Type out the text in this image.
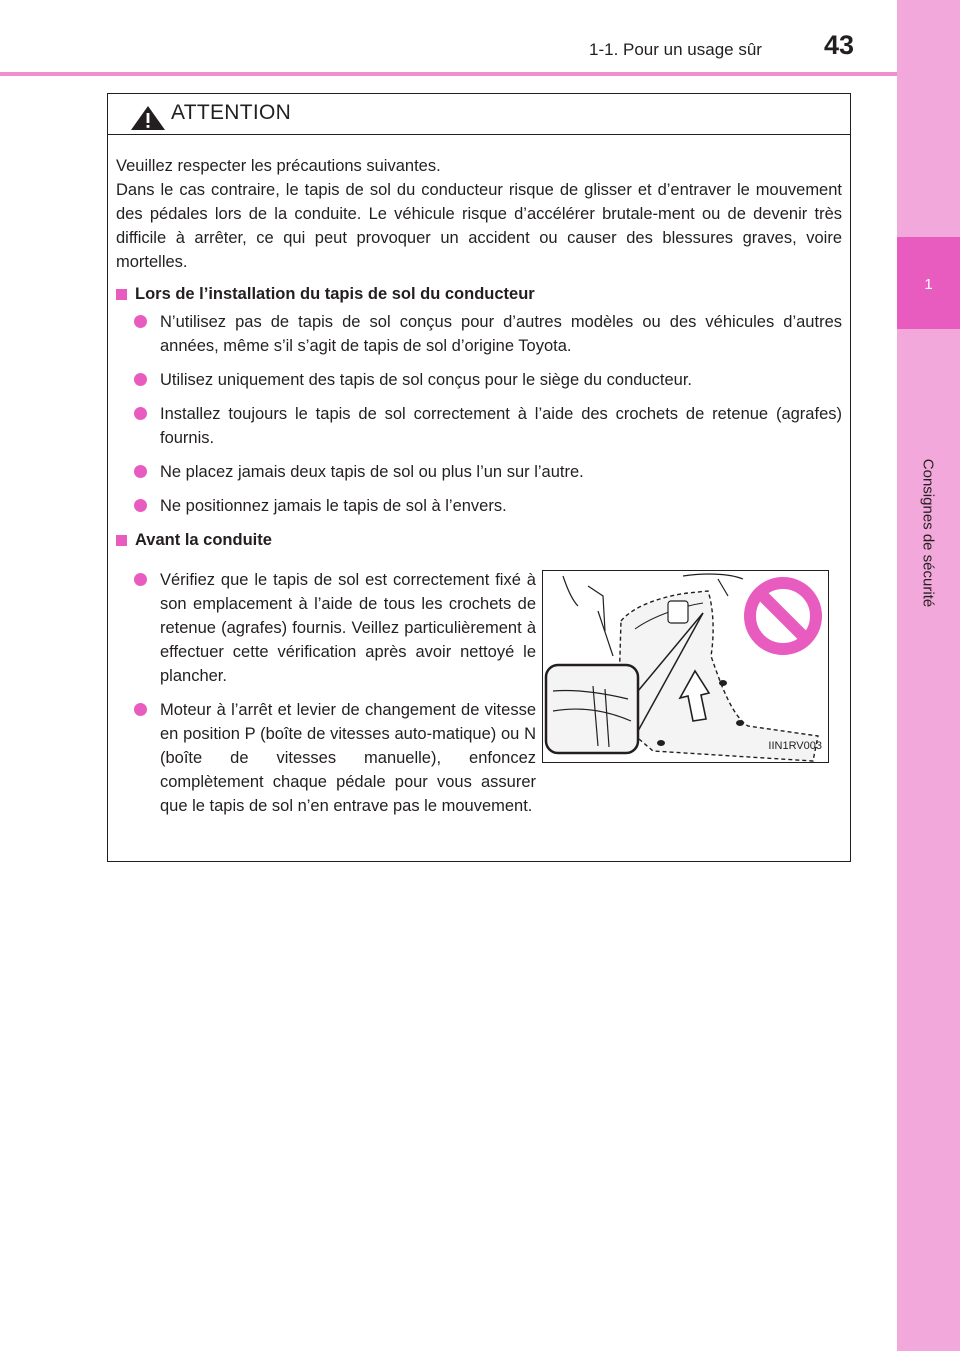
1-1. Pour un usage sûr 43
1
Consignes de sécurité
ATTENTION

Veuillez respecter les précautions suivantes.
Dans le cas contraire, le tapis de sol du conducteur risque de glisser et d’entraver le mouvement des pédales lors de la conduite. Le véhicule risque d’accélérer brutale-ment ou de devenir très difficile à arrêter, ce qui peut provoquer un accident ou causer des blessures graves, voire mortelles.

Lors de l’installation du tapis de sol du conducteur
N’utilisez pas de tapis de sol conçus pour d’autres modèles ou des véhicules d’autres années, même s’il s’agit de tapis de sol d’origine Toyota.
Utilisez uniquement des tapis de sol conçus pour le siège du conducteur.
Installez toujours le tapis de sol correctement à l’aide des crochets de retenue (agrafes) fournis.
Ne placez jamais deux tapis de sol ou plus l’un sur l’autre.
Ne positionnez jamais le tapis de sol à l’envers.
Avant la conduite
Vérifiez que le tapis de sol est correctement fixé à son emplacement à l’aide de tous les crochets de retenue (agrafes) fournis. Veillez particulièrement à effectuer cette vérification après avoir nettoyé le plancher.
Moteur à l’arrêt et levier de changement de vitesse en position P (boîte de vitesses auto-matique) ou N (boîte de vitesses manuelle), enfoncez complètement chaque pédale pour vous assurer que le tapis de sol n’en entrave pas le mouvement.
IIN1RV003
